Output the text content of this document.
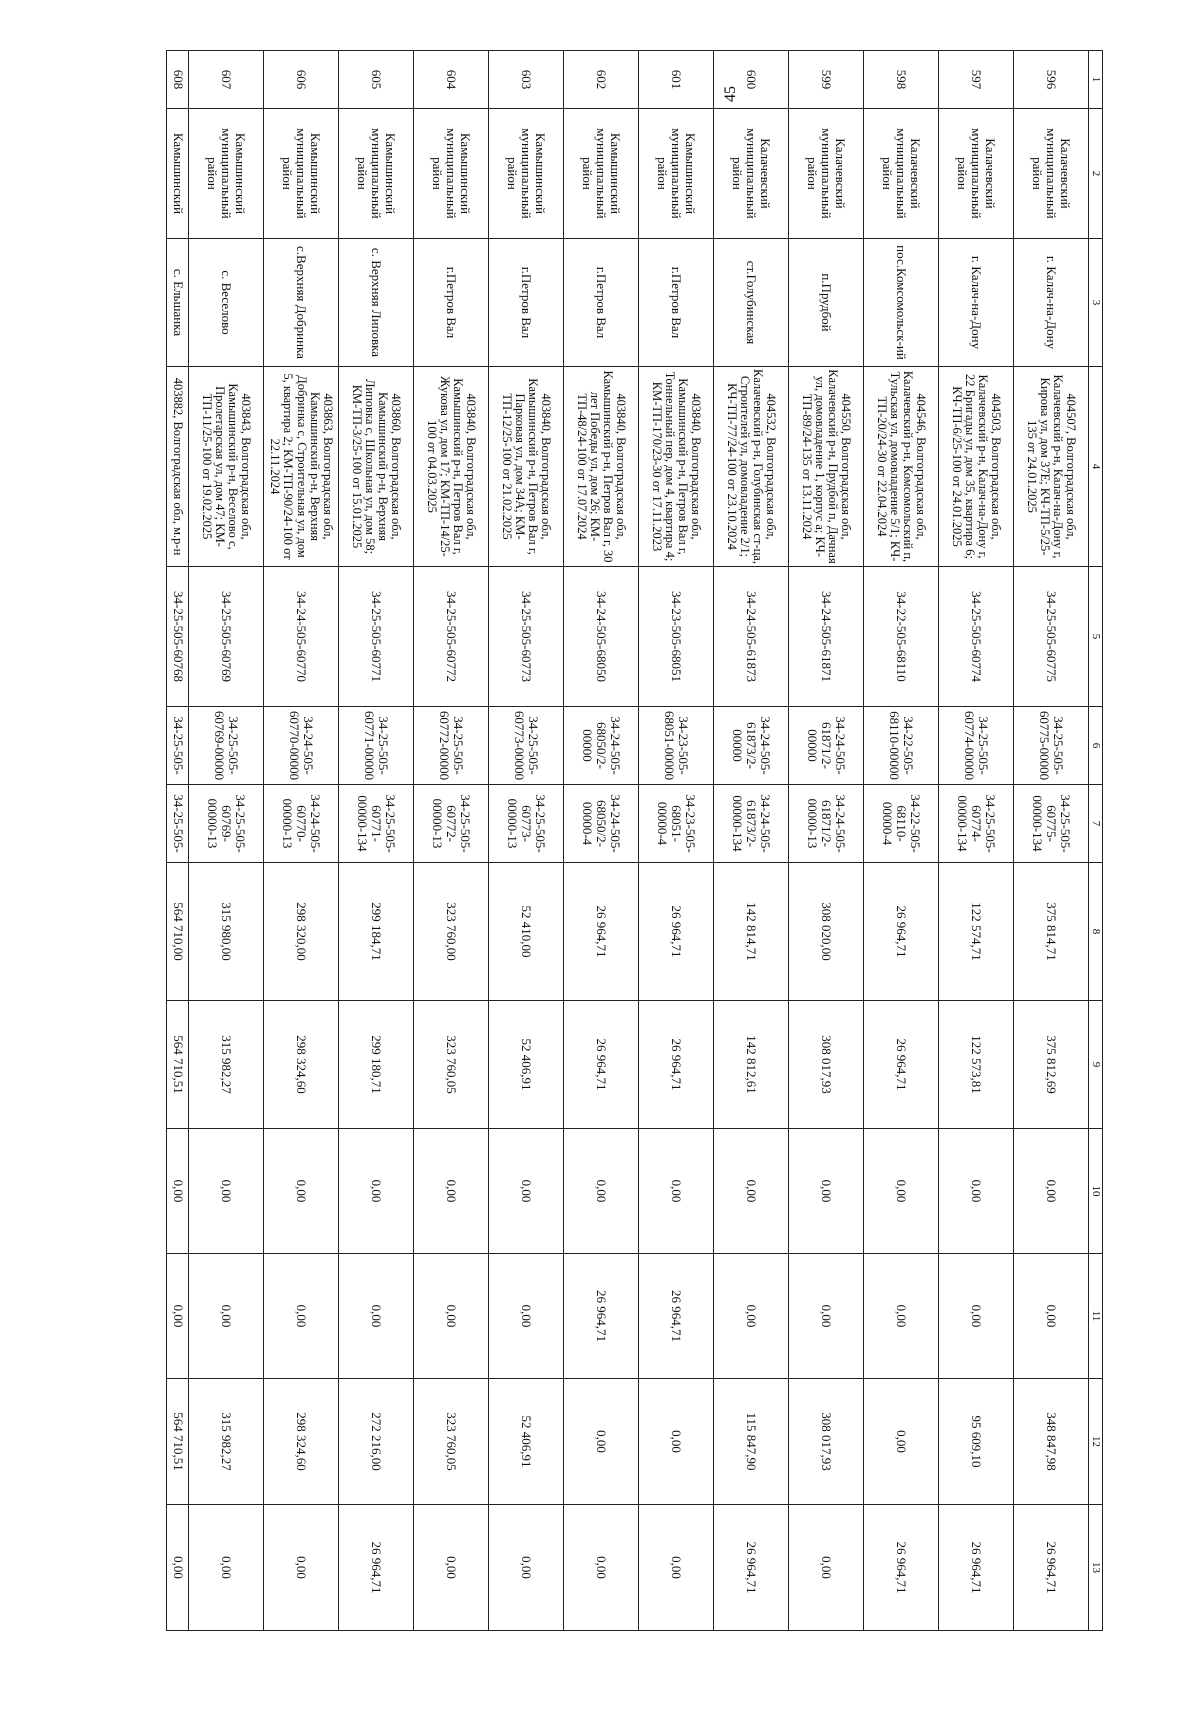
45
1	2	3	4	5	6	7	8	9	10	11	12	13
596	Калачевский муниципальный район	г. Калач-на-Дону	404507, Волгоградская обл, Калачевский р-н, Калач-на-Дону г, Кирова ул, дом 37Е; КЧ-ТП-5/25-135 от 24.01.2025	34-25-505-60775	34-25-505-60775-00000	34-25-505-60775-00000-134	375 814,71	375 812,69	0,00	0,00	348 847,98	26 964,71
597	Калачевский муниципальный район	г. Калач-на-Дону	404503, Волгоградская обл, Калачевский р-н, Калач-на-Дону г, 22 Бригады ул, дом 35, квартира 6; КЧ-ТП-6/25-100 от 24.01.2025	34-25-505-60774	34-25-505-60774-00000	34-25-505-60774-00000-134	122 574,71	122 573,81	0,00	0,00	95 609,10	26 964,71
598	Калачевский муниципальный район	пос.Комсомольск-ий	404546, Волгоградская обл, Калачевский р-н, Комсомольский п, Тульская ул, домовладение 5/1; КЧ-ТП-20/24-30 от 22.04.2024	34-22-505-68110	34-22-505-68110-00000	34-22-505-68110-00000-4	26 964,71	26 964,71	0,00	0,00	0,00	26 964,71
599	Калачевский муниципальный район	п.Прудбой	404550, Волгоградская обл, Калачевский р-н, Прудбой п, Дачная ул, домовладение 1, корпус а; КЧ-ТП-89/24-135 от 13.11.2024	34-24-505-61871	34-24-505-61871/2-00000	34-24-505-61871/2-00000-13	308 020,00	308 017,93	0,00	0,00	308 017,93	0,00
600	Калачевский муниципальный район	ст.Голубинская	404532, Волгоградская обл, Калачевский р-н, Голубинская ст-ца, Строителей ул, домовладение 2/1; КЧ-ТП-77/24-100 от 23.10.2024	34-24-505-61873	34-24-505-61873/2-00000	34-24-505-61873/2-00000-134	142 814,71	142 812,61	0,00	0,00	115 847,90	26 964,71
601	Камышинский муниципальный район	г.Петров Вал	403840, Волгоградская обл, Камышинский р-н, Петров Вал г, Тоннельный пер, дом 4, квартира 4; КМ-ТП-170/23-30 от 17.11.2023	34-23-505-68051	34-23-505-68051-00000	34-23-505-68051-00000-4	26 964,71	26 964,71	0,00	26 964,71	0,00	0,00
602	Камышинский муниципальный район	г.Петров Вал	403840, Волгоградская обл, Камышинский р-н, Петров Вал г, 30 лет Победы ул, дом 26; КМ-ТП-48/24-100 от 17.07.2024	34-24-505-68050	34-24-505-68050/2-00000	34-24-505-68050/2-00000-4	26 964,71	26 964,71	0,00	26 964,71	0,00	0,00
603	Камышинский муниципальный район	г.Петров Вал	403840, Волгоградская обл, Камышинский р-н, Петров Вал г, Парковая ул, дом 34А; КМ-ТП-12/25-100 от 21.02.2025	34-25-505-60773	34-25-505-60773-00000	34-25-505-60773-00000-13	52 410,00	52 406,91	0,00	0,00	52 406,91	0,00
604	Камышинский муниципальный район	г.Петров Вал	403840, Волгоградская обл, Камышинский р-н, Петров Вал г, Жукова ул, дом 17; КМ-ТП-14/25-100 от 04.03.2025	34-25-505-60772	34-25-505-60772-00000	34-25-505-60772-00000-13	323 760,00	323 760,05	0,00	0,00	323 760,05	0,00
605	Камышинский муниципальный район	с. Верхняя Липовка	403860, Волгоградская обл, Камышинский р-н, Верхняя Липовка с, Школьная ул, дом 58; КМ-ТП-3/25-100 от 15.01.2025	34-25-505-60771	34-25-505-60771-00000	34-25-505-60771-00000-134	299 184,71	299 180,71	0,00	0,00	272 216,00	26 964,71
606	Камышинский муниципальный район	с.Верхняя Добринка	403863, Волгоградская обл, Камышинский р-н, Верхняя Добринка с, Строительная ул, дом 5, квартира 2; КМ-ТП-90/24-100 от 22.11.2024	34-24-505-60770	34-24-505-60770-00000	34-24-505-60770-00000-13	298 320,00	298 324,60	0,00	0,00	298 324,60	0,00
607	Камышинский муниципальный район	с. Веселово	403843, Волгоградская обл, Камышинский р-н, Веселово с, Пролетарская ул, дом 47; КМ-ТП-11/25-100 от 19.02.2025	34-25-505-60769	34-25-505-60769-00000	34-25-505-60769-00000-13	315 980,00	315 982,27	0,00	0,00	315 982,27	0,00
608	Камышинский	с. Ельшанка	403882, Волгоградская обл, м.р-н	34-25-505-60768	34-25-505-	34-25-505-	564 710,00	564 710,51	0,00	0,00	564 710,51	0,00
